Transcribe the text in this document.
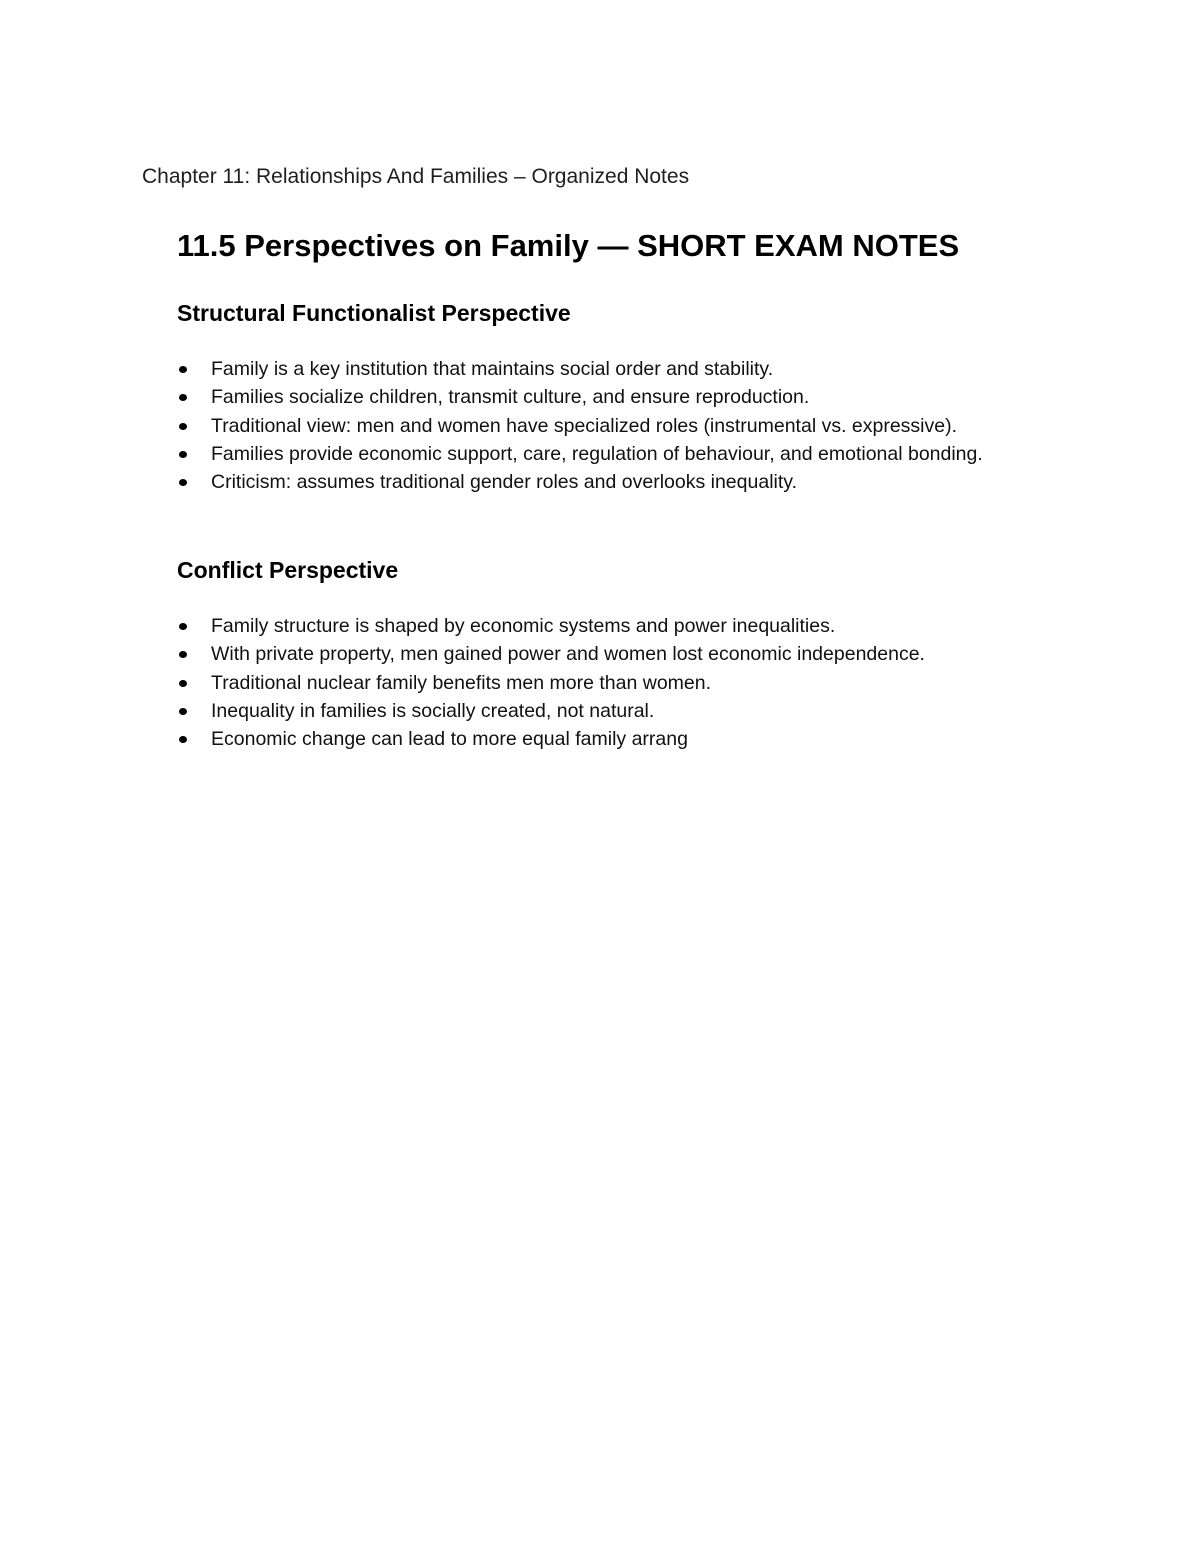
Chapter 11: Relationships And Families – Organized Notes
11.5 Perspectives on Family — SHORT EXAM NOTES
Structural Functionalist Perspective
Family is a key institution that maintains social order and stability.
Families socialize children, transmit culture, and ensure reproduction.
Traditional view: men and women have specialized roles (instrumental vs. expressive).
Families provide economic support, care, regulation of behaviour, and emotional bonding.
Criticism: assumes traditional gender roles and overlooks inequality.
Conflict Perspective
Family structure is shaped by economic systems and power inequalities.
With private property, men gained power and women lost economic independence.
Traditional nuclear family benefits men more than women.
Inequality in families is socially created, not natural.
Economic change can lead to more equal family arrang
